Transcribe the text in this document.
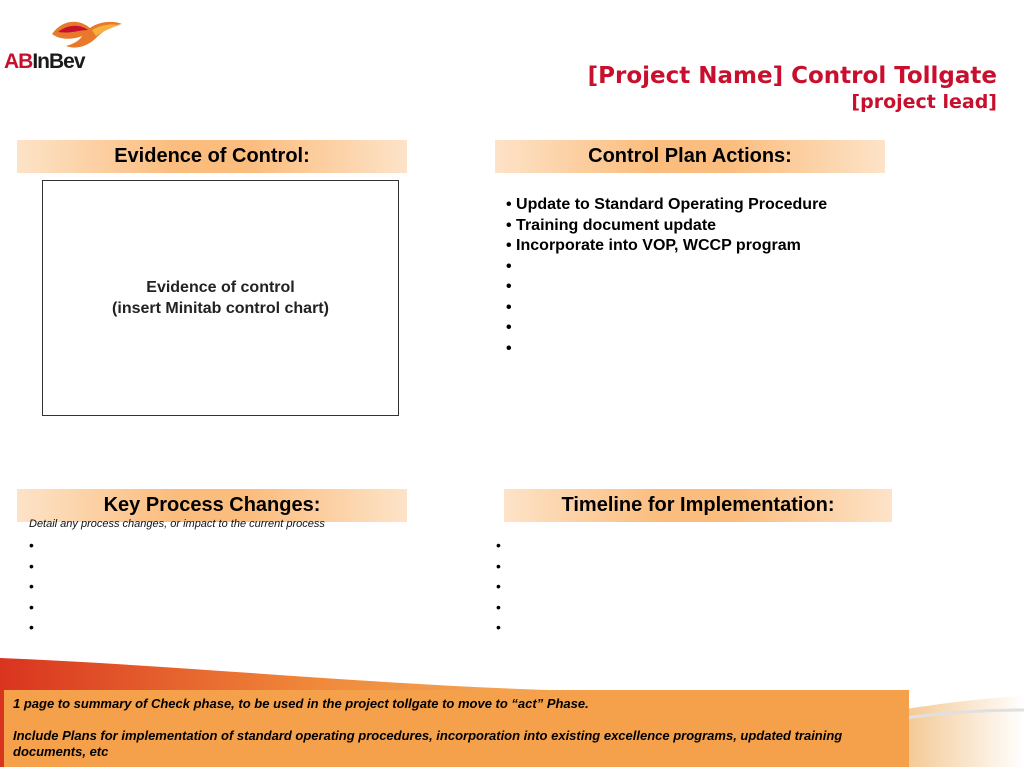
ABInBev
[Project Name] Control Tollgate
[project lead]
Evidence of Control:	Control Plan Actions:
Key Process Changes:	Timeline for Implementation:
Evidence of control
(insert Minitab control chart)
• Update to Standard Operating Procedure
• Training document update
• Incorporate into VOP, WCCP program
•
•
•
•
•
Detail any process changes, or impact to the current process
•
•
•
•
•
•
•
•
•
•

1 page to summary of Check phase, to be used in the project tollgate to move to “act” Phase.

Include Plans for implementation of standard operating procedures, incorporation into existing excellence programs, updated training documents, etc
